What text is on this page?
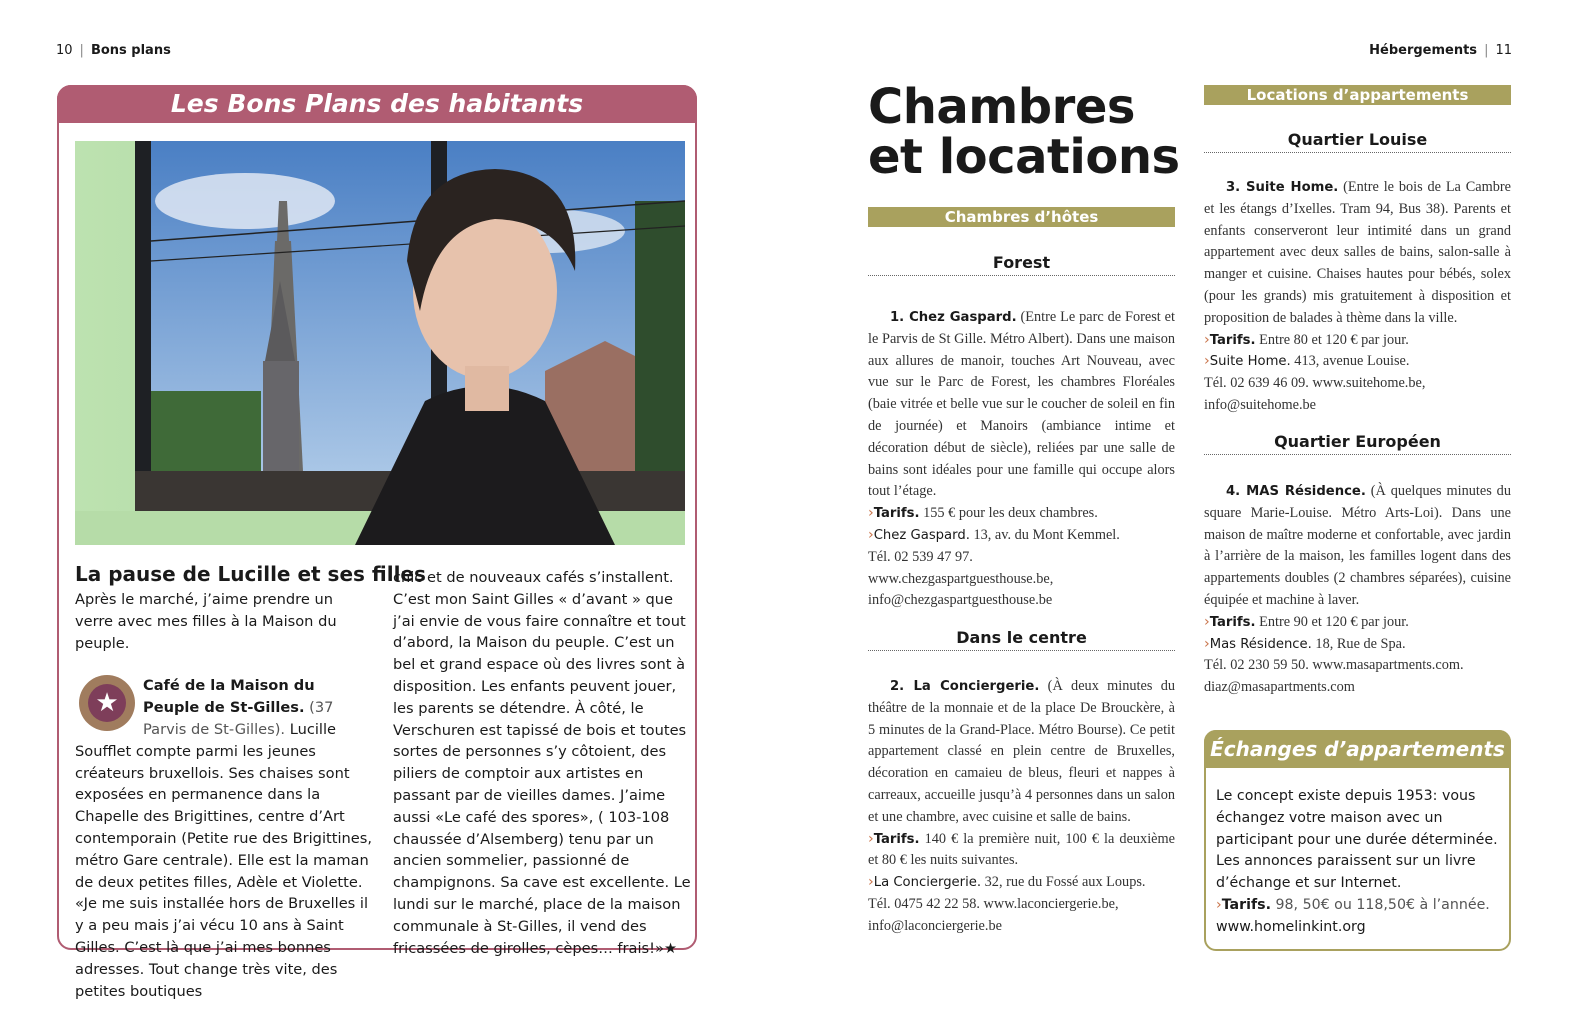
10 | Bons plans	Hébergements | 11
Les Bons Plans des habitants
La pause de Lucille et ses filles

Après le marché, j’aime prendre un verre avec mes filles à la Maison du peuple.

★
Café de la Maison du Peuple de St-Gilles. (37 Parvis de St-Gilles). Lucille Soufflet compte parmi les jeunes créateurs bruxellois. Ses chaises sont exposées en permanence dans la Chapelle des Brigittines, centre d’Art contemporain (Petite rue des Brigittines, métro Gare centrale). Elle est la maman de deux petites filles, Adèle et Violette. «Je me suis installée hors de Bruxelles il y a peu mais j’ai vécu 10 ans à Saint Gilles. C’est là que j’ai mes bonnes adresses. Tout change très vite, des petites boutiques

chic et de nouveaux cafés s’installent. C’est mon Saint Gilles « d’avant » que j’ai envie de vous faire connaître et tout d’abord, la Maison du peuple. C’est un bel et grand espace où des livres sont à disposition. Les enfants peuvent jouer, les parents se détendre. À côté, le Verschuren est tapissé de bois et toutes sortes de personnes s’y côtoient, des piliers de comptoir aux artistes en passant par de vieilles dames. J’aime aussi «Le café des spores», ( 103-108 chaussée d’Alsemberg) tenu par un ancien sommelier, passionné de champignons. Sa cave est excellente. Le lundi sur le marché, place de la maison communale à St-Gilles, il vend des fricassées de girolles, cèpes… frais!»★

Chambres
et locations
Chambres d’hôtes
Forest

1. Chez Gaspard. (Entre Le parc de Forest et le Parvis de St Gille. Métro Albert). Dans une maison aux allures de manoir, touches Art Nouveau, avec vue sur le Parc de Forest, les chambres Floréales (baie vitrée et belle vue sur le coucher de soleil en fin de journée) et Manoirs (ambiance intime et décoration début de siècle), reliées par une salle de bains sont idéales pour une famille qui occupe alors tout l’étage.

›Tarifs. 155 € pour les deux chambres.

›Chez Gaspard. 13, av. du Mont Kemmel.

Tél. 02 539 47 97.

www.chezgaspartguesthouse.be,

info@chezgaspartguesthouse.be

Dans le centre

2. La Conciergerie. (À deux minutes du théâtre de la monnaie et de la place De Brouckère, à 5 minutes de la Grand-Place. Métro Bourse). Ce petit appartement classé en plein centre de Bruxelles, décoration en camaieu de bleus, fleuri et nappes à carreaux, accueille jusqu’à 4 personnes dans un salon et une chambre, avec cuisine et salle de bains.

›Tarifs. 140 € la première nuit, 100 € la deuxième et 80 € les nuits suivantes.

›La Conciergerie. 32, rue du Fossé aux Loups.

Tél. 0475 42 22 58. www.laconciergerie.be,

info@laconciergerie.be

Locations d’appartements
Quartier Louise

3. Suite Home. (Entre le bois de La Cambre et les étangs d’Ixelles. Tram 94, Bus 38). Parents et enfants conserveront leur intimité dans un grand appartement avec deux salles de bains, salon-salle à manger et cuisine. Chaises hautes pour bébés, solex (pour les grands) mis gratuitement à disposition et proposition de balades à thème dans la ville.

›Tarifs. Entre 80 et 120 € par jour.

›Suite Home. 413, avenue Louise.

Tél. 02 639 46 09. www.suitehome.be,

info@suitehome.be

Quartier Européen

4. MAS Résidence. (À quelques minutes du square Marie-Louise. Métro Arts-Loi). Dans une maison de maître moderne et confortable, avec jardin à l’arrière de la maison, les familles logent dans des appartements doubles (2 chambres séparées), cuisine équipée et machine à laver.

›Tarifs. Entre 90 et 120 € par jour.

›Mas Résidence. 18, Rue de Spa.

Tél. 02 230 59 50. www.masapartments.com.

diaz@masapartments.com

Échanges d’appartements

Le concept existe depuis 1953: vous échangez votre maison avec un participant pour une durée déterminée. Les annonces paraissent sur un livre d’échange et sur Internet.

›Tarifs. 98, 50€ ou 118,50€ à l’année.

www.homelinkint.org
